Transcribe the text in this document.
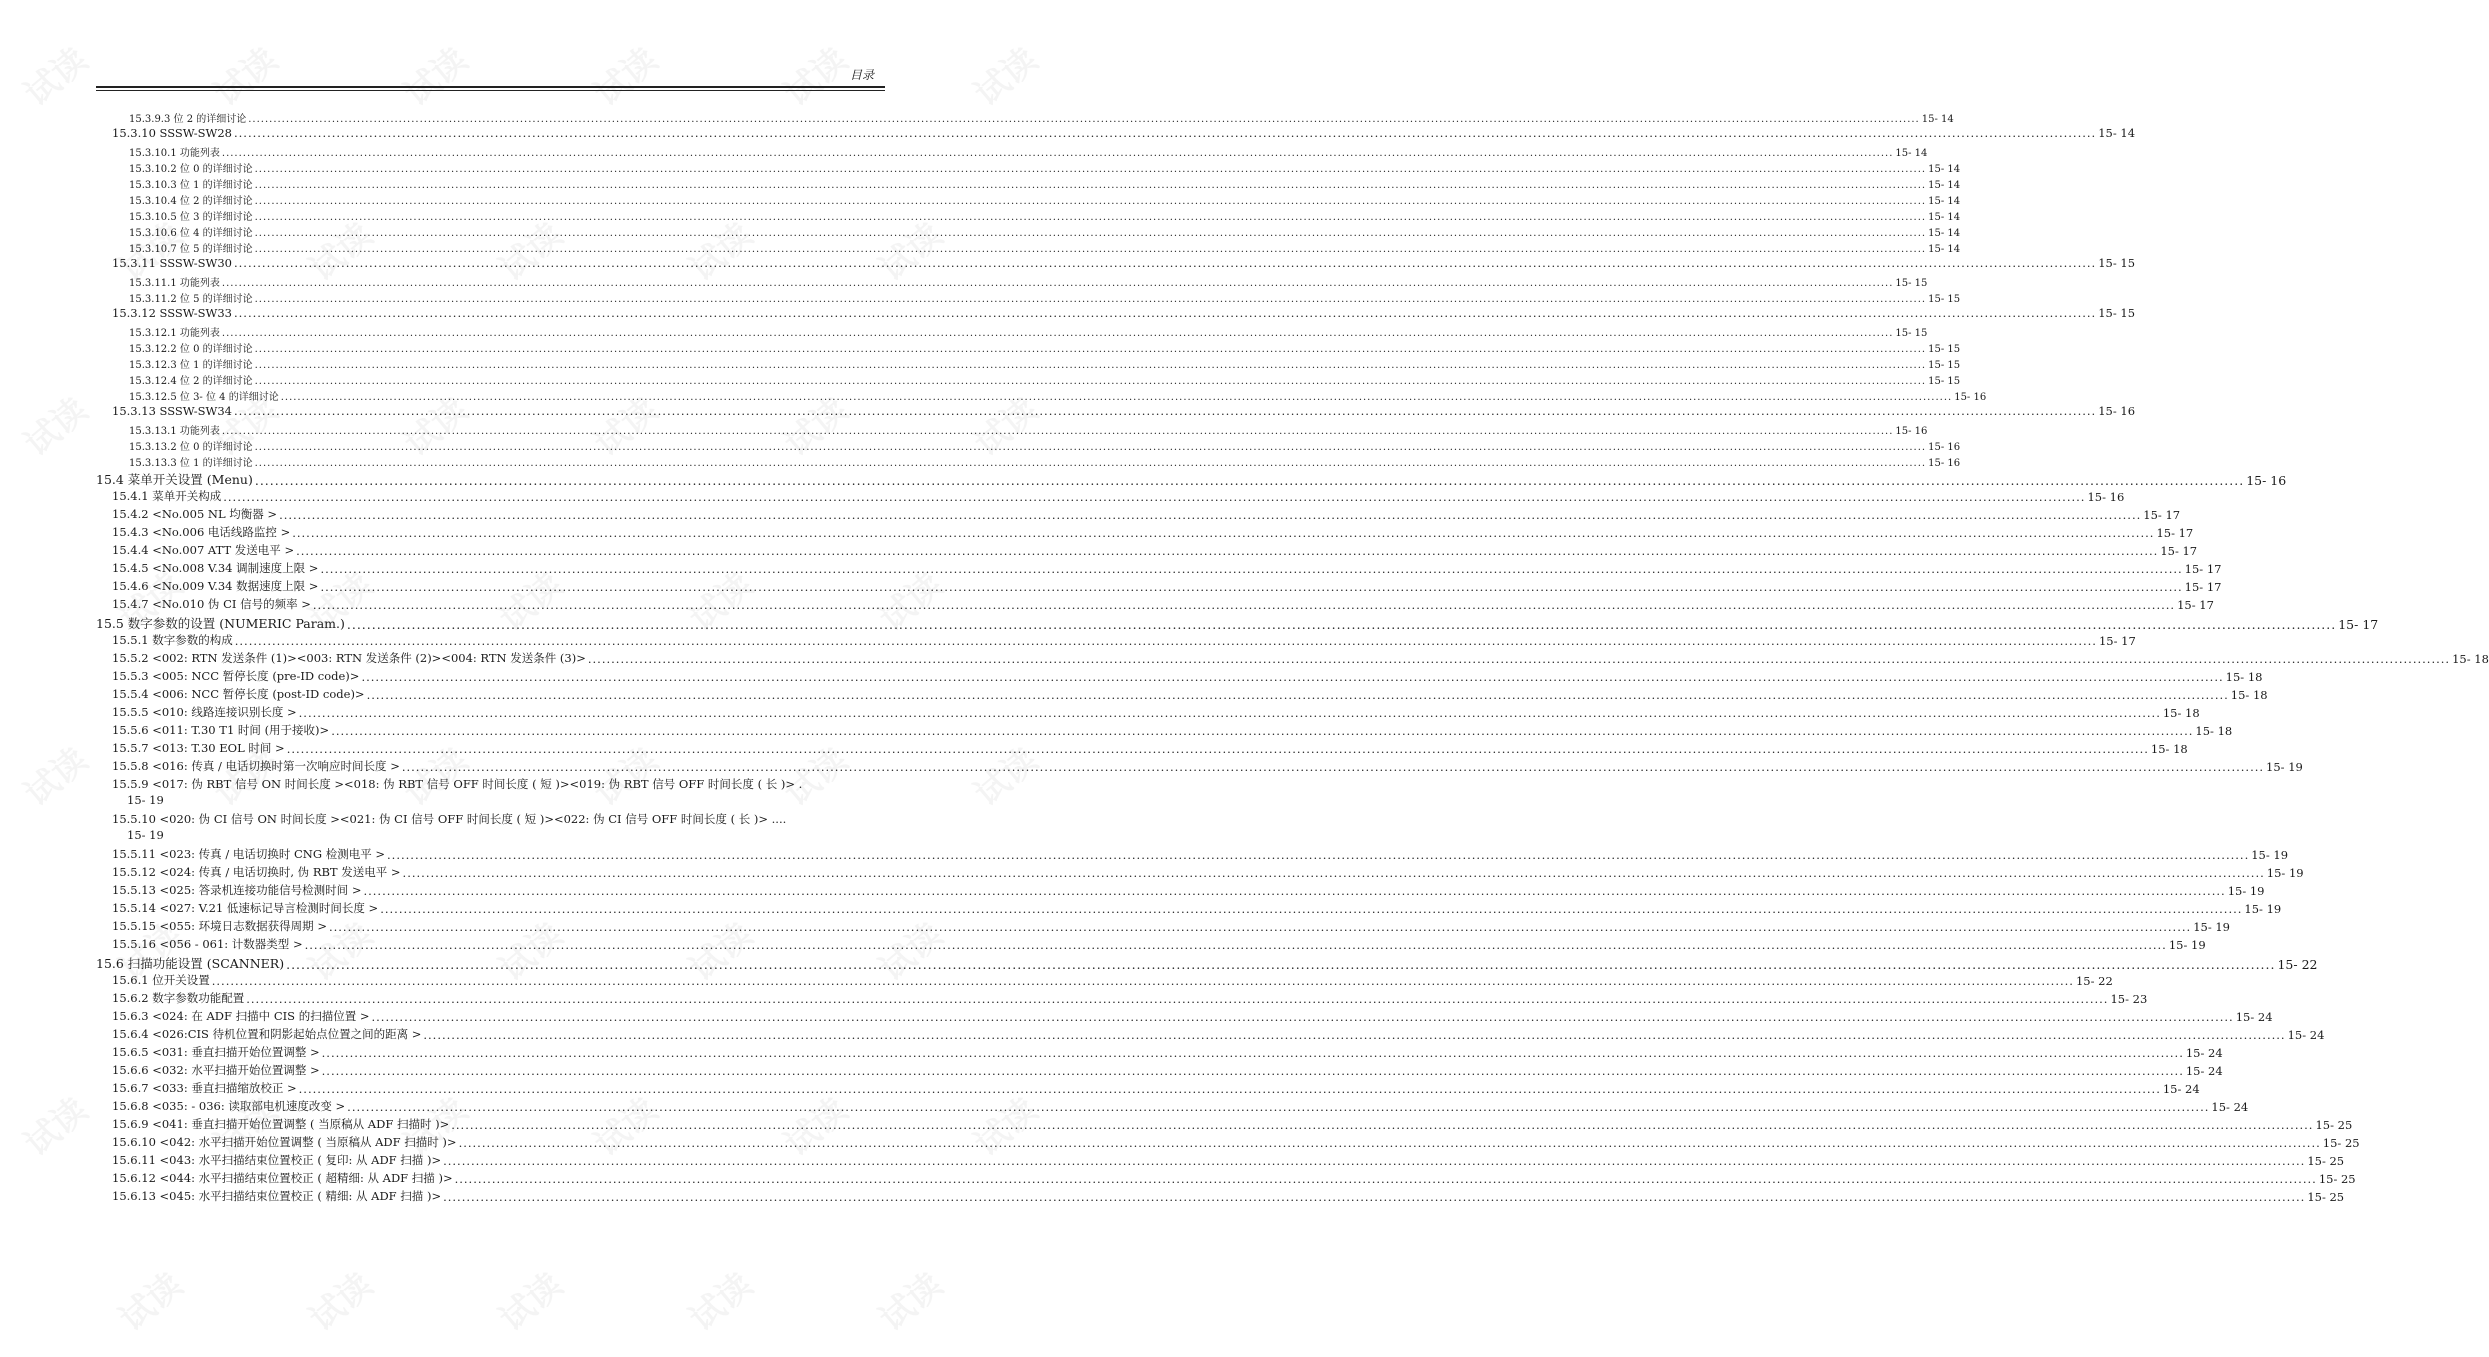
目录
15.3.9.3 位 2 的详细讨论 ................................................................................................................................................................................................................................................................................................................................................................................................................ 15- 14
15.3.10 SSSW-SW28 ................................................................................................................................................................................................................................................................................................................................................................................................................ 15- 14
15.3.10.1 功能列表 ................................................................................................................................................................................................................................................................................................................................................................................................................ 15- 14
15.3.10.2 位 0 的详细讨论 ................................................................................................................................................................................................................................................................................................................................................................................................................ 15- 14
15.3.10.3 位 1 的详细讨论 ................................................................................................................................................................................................................................................................................................................................................................................................................ 15- 14
15.3.10.4 位 2 的详细讨论 ................................................................................................................................................................................................................................................................................................................................................................................................................ 15- 14
15.3.10.5 位 3 的详细讨论 ................................................................................................................................................................................................................................................................................................................................................................................................................ 15- 14
15.3.10.6 位 4 的详细讨论 ................................................................................................................................................................................................................................................................................................................................................................................................................ 15- 14
15.3.10.7 位 5 的详细讨论 ................................................................................................................................................................................................................................................................................................................................................................................................................ 15- 14
15.3.11 SSSW-SW30 ................................................................................................................................................................................................................................................................................................................................................................................................................ 15- 15
15.3.11.1 功能列表 ................................................................................................................................................................................................................................................................................................................................................................................................................ 15- 15
15.3.11.2 位 5 的详细讨论 ................................................................................................................................................................................................................................................................................................................................................................................................................ 15- 15
15.3.12 SSSW-SW33 ................................................................................................................................................................................................................................................................................................................................................................................................................ 15- 15
15.3.12.1 功能列表 ................................................................................................................................................................................................................................................................................................................................................................................................................ 15- 15
15.3.12.2 位 0 的详细讨论 ................................................................................................................................................................................................................................................................................................................................................................................................................ 15- 15
15.3.12.3 位 1 的详细讨论 ................................................................................................................................................................................................................................................................................................................................................................................................................ 15- 15
15.3.12.4 位 2 的详细讨论 ................................................................................................................................................................................................................................................................................................................................................................................................................ 15- 15
15.3.12.5 位 3- 位 4 的详细讨论 ................................................................................................................................................................................................................................................................................................................................................................................................................ 15- 16
15.3.13 SSSW-SW34 ................................................................................................................................................................................................................................................................................................................................................................................................................ 15- 16
15.3.13.1 功能列表 ................................................................................................................................................................................................................................................................................................................................................................................................................ 15- 16
15.3.13.2 位 0 的详细讨论 ................................................................................................................................................................................................................................................................................................................................................................................................................ 15- 16
15.3.13.3 位 1 的详细讨论 ................................................................................................................................................................................................................................................................................................................................................................................................................ 15- 16
15.4 菜单开关设置 (Menu) ................................................................................................................................................................................................................................................................................................................................................................................................................ 15- 16
15.4.1 菜单开关构成 ................................................................................................................................................................................................................................................................................................................................................................................................................ 15- 16
15.4.2 <No.005 NL 均衡器 > ................................................................................................................................................................................................................................................................................................................................................................................................................ 15- 17
15.4.3 <No.006 电话线路监控 > ................................................................................................................................................................................................................................................................................................................................................................................................................ 15- 17
15.4.4 <No.007 ATT 发送电平 > ................................................................................................................................................................................................................................................................................................................................................................................................................ 15- 17
15.4.5 <No.008 V.34 调制速度上限 > ................................................................................................................................................................................................................................................................................................................................................................................................................ 15- 17
15.4.6 <No.009 V.34 数据速度上限 > ................................................................................................................................................................................................................................................................................................................................................................................................................ 15- 17
15.4.7 <No.010 伪 CI 信号的频率 > ................................................................................................................................................................................................................................................................................................................................................................................................................ 15- 17
15.5 数字参数的设置 (NUMERIC Param.) ................................................................................................................................................................................................................................................................................................................................................................................................................ 15- 17
15.5.1 数字参数的构成 ................................................................................................................................................................................................................................................................................................................................................................................................................ 15- 17
15.5.2 <002: RTN 发送条件 (1)><003: RTN 发送条件 (2)><004: RTN 发送条件 (3)> ................................................................................................................................................................................................................................................................................................................................................................................................................ 15- 18
15.5.3 <005: NCC 暂停长度 (pre-ID code)> ................................................................................................................................................................................................................................................................................................................................................................................................................ 15- 18
15.5.4 <006: NCC 暂停长度 (post-ID code)> ................................................................................................................................................................................................................................................................................................................................................................................................................ 15- 18
15.5.5 <010: 线路连接识别长度 > ................................................................................................................................................................................................................................................................................................................................................................................................................ 15- 18
15.5.6 <011: T.30 T1 时间 (用于接收)> ................................................................................................................................................................................................................................................................................................................................................................................................................ 15- 18
15.5.7 <013: T.30 EOL 时间 > ................................................................................................................................................................................................................................................................................................................................................................................................................ 15- 18
15.5.8 <016: 传真 / 电话切换时第一次响应时间长度 > ................................................................................................................................................................................................................................................................................................................................................................................................................ 15- 19
15.5.9 <017: 伪 RBT 信号 ON 时间长度 ><018: 伪 RBT 信号 OFF 时间长度 ( 短 )><019: 伪 RBT 信号 OFF 时间长度 ( 长 )> .
15- 19
15.5.10 <020: 伪 CI 信号 ON 时间长度 ><021: 伪 CI 信号 OFF 时间长度 ( 短 )><022: 伪 CI 信号 OFF 时间长度 ( 长 )> ....
15- 19
15.5.11 <023: 传真 / 电话切换时 CNG 检测电平 > ................................................................................................................................................................................................................................................................................................................................................................................................................ 15- 19
15.5.12 <024: 传真 / 电话切换时, 伪 RBT 发送电平 > ................................................................................................................................................................................................................................................................................................................................................................................................................ 15- 19
15.5.13 <025: 答录机连接功能信号检测时间 > ................................................................................................................................................................................................................................................................................................................................................................................................................ 15- 19
15.5.14 <027: V.21 低速标记导言检测时间长度 > ................................................................................................................................................................................................................................................................................................................................................................................................................ 15- 19
15.5.15 <055: 环境日志数据获得周期 > ................................................................................................................................................................................................................................................................................................................................................................................................................ 15- 19
15.5.16 <056 - 061: 计数器类型 > ................................................................................................................................................................................................................................................................................................................................................................................................................ 15- 19
15.6 扫描功能设置 (SCANNER) ................................................................................................................................................................................................................................................................................................................................................................................................................ 15- 22
15.6.1 位开关设置 ................................................................................................................................................................................................................................................................................................................................................................................................................ 15- 22
15.6.2 数字参数功能配置 ................................................................................................................................................................................................................................................................................................................................................................................................................ 15- 23
15.6.3 <024: 在 ADF 扫描中 CIS 的扫描位置 > ................................................................................................................................................................................................................................................................................................................................................................................................................ 15- 24
15.6.4 <026:CIS 待机位置和阴影起始点位置之间的距离 > ................................................................................................................................................................................................................................................................................................................................................................................................................ 15- 24
15.6.5 <031: 垂直扫描开始位置调整 > ................................................................................................................................................................................................................................................................................................................................................................................................................ 15- 24
15.6.6 <032: 水平扫描开始位置调整 > ................................................................................................................................................................................................................................................................................................................................................................................................................ 15- 24
15.6.7 <033: 垂直扫描缩放校正 > ................................................................................................................................................................................................................................................................................................................................................................................................................ 15- 24
15.6.8 <035: - 036: 读取部电机速度改变 > ................................................................................................................................................................................................................................................................................................................................................................................................................ 15- 24
15.6.9 <041: 垂直扫描开始位置调整 ( 当原稿从 ADF 扫描时 )> ................................................................................................................................................................................................................................................................................................................................................................................................................ 15- 25
15.6.10 <042: 水平扫描开始位置调整 ( 当原稿从 ADF 扫描时 )> ................................................................................................................................................................................................................................................................................................................................................................................................................ 15- 25
15.6.11 <043: 水平扫描结束位置校正 ( 复印: 从 ADF 扫描 )> ................................................................................................................................................................................................................................................................................................................................................................................................................ 15- 25
15.6.12 <044: 水平扫描结束位置校正 ( 超精细: 从 ADF 扫描 )> ................................................................................................................................................................................................................................................................................................................................................................................................................ 15- 25
15.6.13 <045: 水平扫描结束位置校正 ( 精细: 从 ADF 扫描 )> ................................................................................................................................................................................................................................................................................................................................................................................................................ 15- 25
